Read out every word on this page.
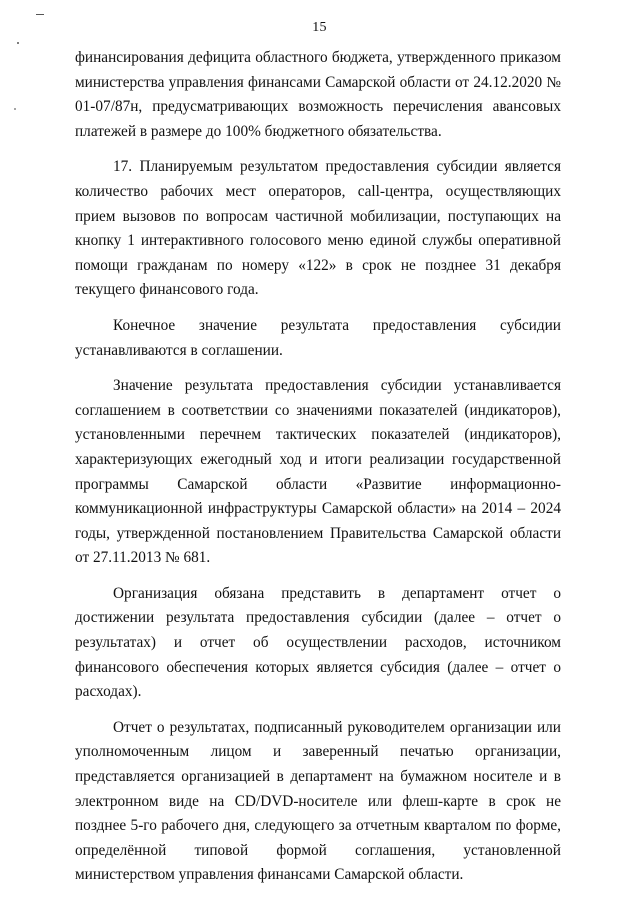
15

финансирования дефицита областного бюджета, утвержденного приказом министерства управления финансами Самарской области от 24.12.2020 № 01-07/87н, предусматривающих возможность перечисления авансовых платежей в размере до 100% бюджетного обязательства.

17. Планируемым результатом предоставления субсидии является количество рабочих мест операторов, call-центра, осуществляющих прием вызовов по вопросам частичной мобилизации, поступающих на кнопку 1 интерактивного голосового меню единой службы оперативной помощи гражданам по номеру «122» в срок не позднее 31 декабря текущего финансового года.

Конечное значение результата предоставления субсидии устанавливаются в соглашении.

Значение результата предоставления субсидии устанавливается соглашением в соответствии со значениями показателей (индикаторов), установленными перечнем тактических показателей (индикаторов), характеризующих ежегодный ход и итоги реализации государственной программы Самарской области «Развитие информационно-коммуникационной инфраструктуры Самарской области» на 2014 – 2024 годы, утвержденной постановлением Правительства Самарской области от 27.11.2013 № 681.

Организация обязана представить в департамент отчет о достижении результата предоставления субсидии (далее – отчет о результатах) и отчет об осуществлении расходов, источником финансового обеспечения которых является субсидия (далее – отчет о расходах).

Отчет о результатах, подписанный руководителем организации или уполномоченным лицом и заверенный печатью организации, представляется организацией в департамент на бумажном носителе и в электронном виде на CD/DVD-носителе или флеш-карте в срок не позднее 5-го рабочего дня, следующего за отчетным кварталом по форме, определённой типовой формой соглашения, установленной министерством управления финансами Самарской области.
